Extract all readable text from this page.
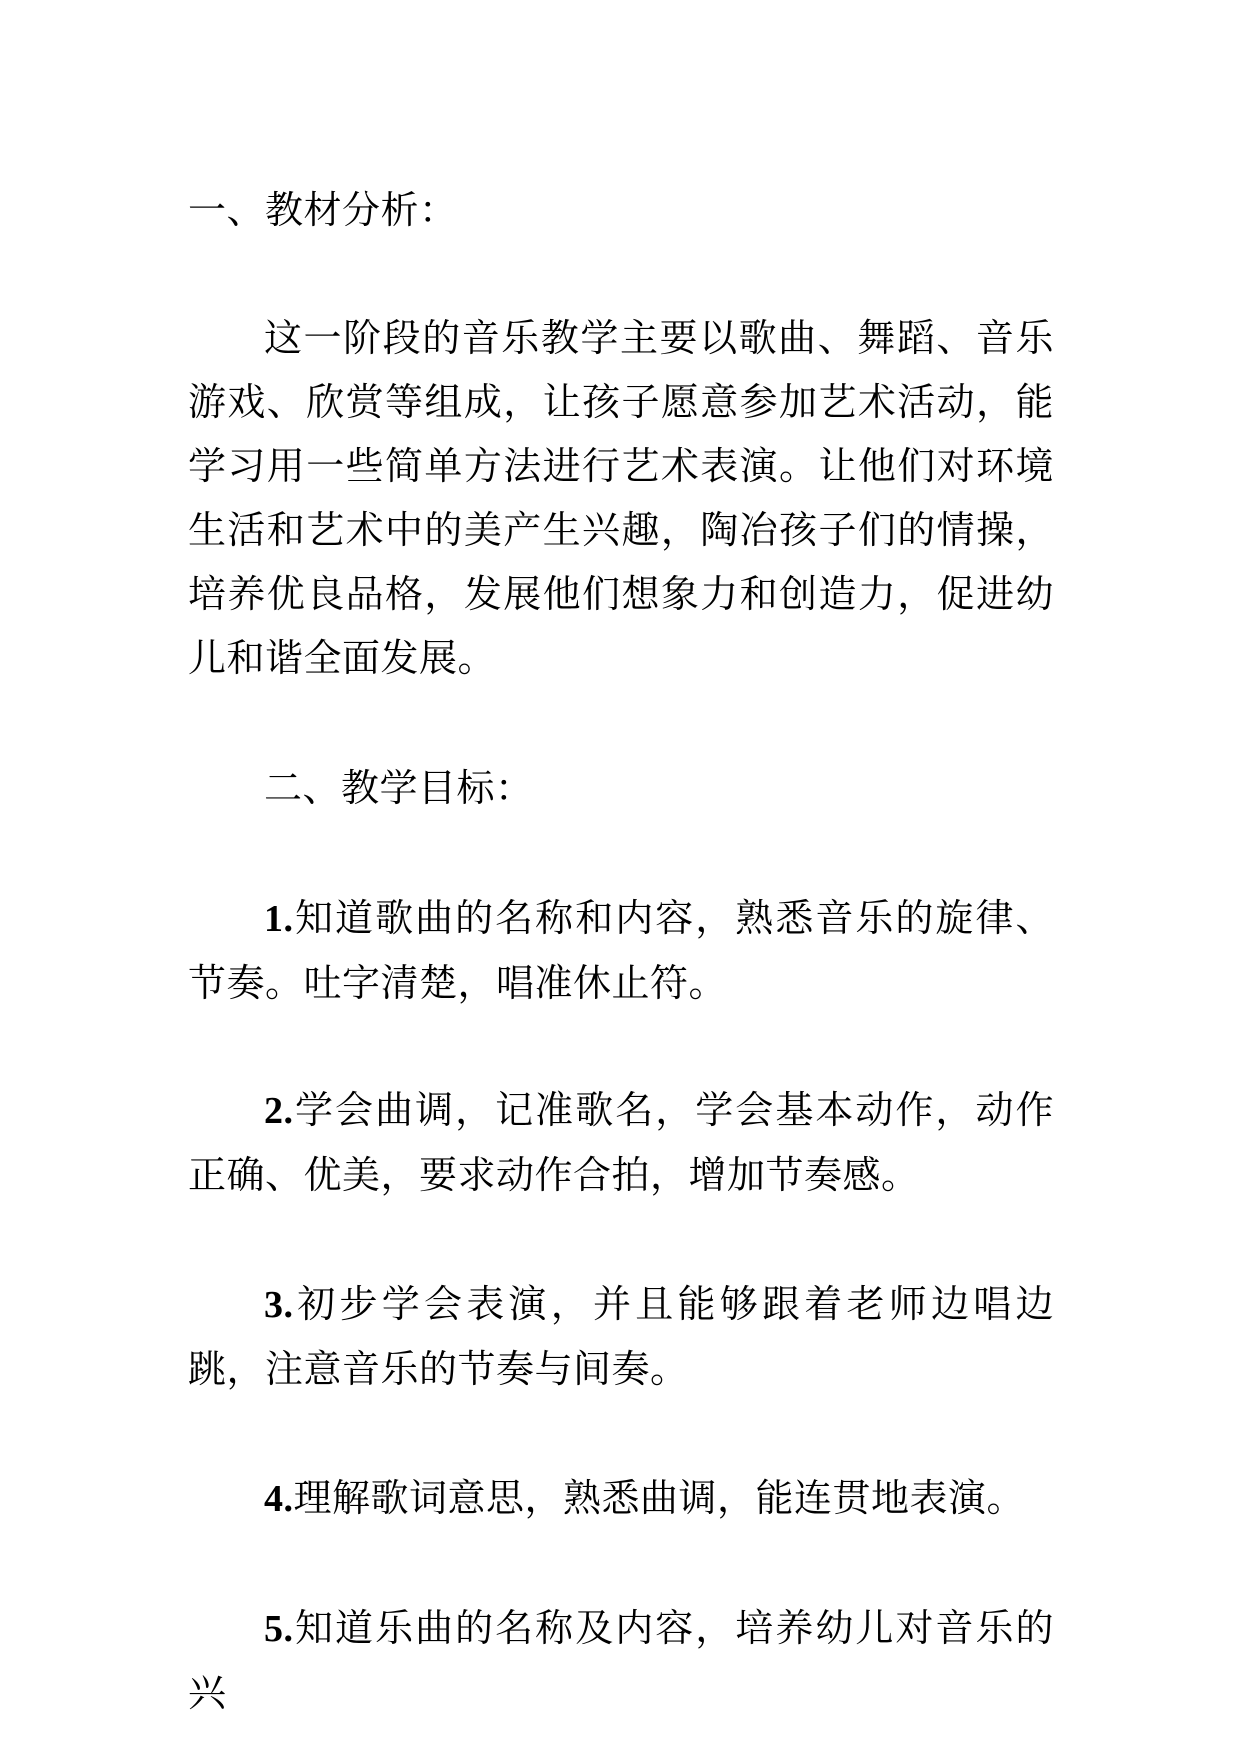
一、教材分析：

这一阶段的音乐教学主要以歌曲、舞蹈、音乐游戏、欣赏等组成，让孩子愿意参加艺术活动，能学习用一些简单方法进行艺术表演。让他们对环境生活和艺术中的美产生兴趣，陶冶孩子们的情操，培养优良品格，发展他们想象力和创造力，促进幼儿和谐全面发展。

二、教学目标：

1.知道歌曲的名称和内容，熟悉音乐的旋律、节奏。吐字清楚，唱准休止符。

2.学会曲调，记准歌名，学会基本动作，动作正确、优美，要求动作合拍，增加节奏感。

3.初步学会表演，并且能够跟着老师边唱边跳，注意音乐的节奏与间奏。

4.理解歌词意思，熟悉曲调，能连贯地表演。

5.知道乐曲的名称及内容，培养幼儿对音乐的兴
